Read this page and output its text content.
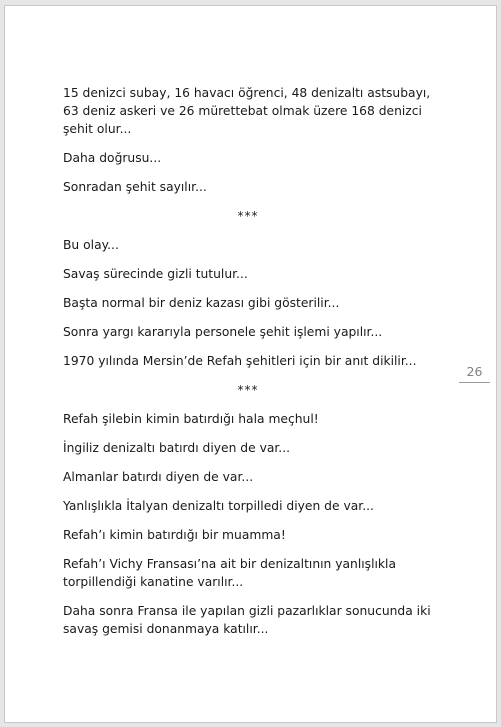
15 denizci subay, 16 havacı öğrenci, 48 denizaltı astsubayı, 63 deniz askeri ve 26 mürettebat olmak üzere 168 denizci şehit olur...

Daha doğrusu...

Sonradan şehit sayılır...

***

Bu olay...

Savaş sürecinde gizli tutulur...

Başta normal bir deniz kazası gibi gösterilir...

Sonra yargı kararıyla personele şehit işlemi yapılır...

1970 yılında Mersin’de Refah şehitleri için bir anıt dikilir...

***

Refah şilebin kimin batırdığı hala meçhul!

İngiliz denizaltı batırdı diyen de var...

Almanlar batırdı diyen de var...

Yanlışlıkla İtalyan denizaltı torpilledi diyen de var...

Refah’ı kimin batırdığı bir muamma!

Refah’ı Vichy Fransası’na ait bir denizaltının yanlışlıkla torpillendiği kanatine varılır...

Daha sonra Fransa ile yapılan gizli pazarlıklar sonucunda iki savaş gemisi donanmaya katılır...

26
